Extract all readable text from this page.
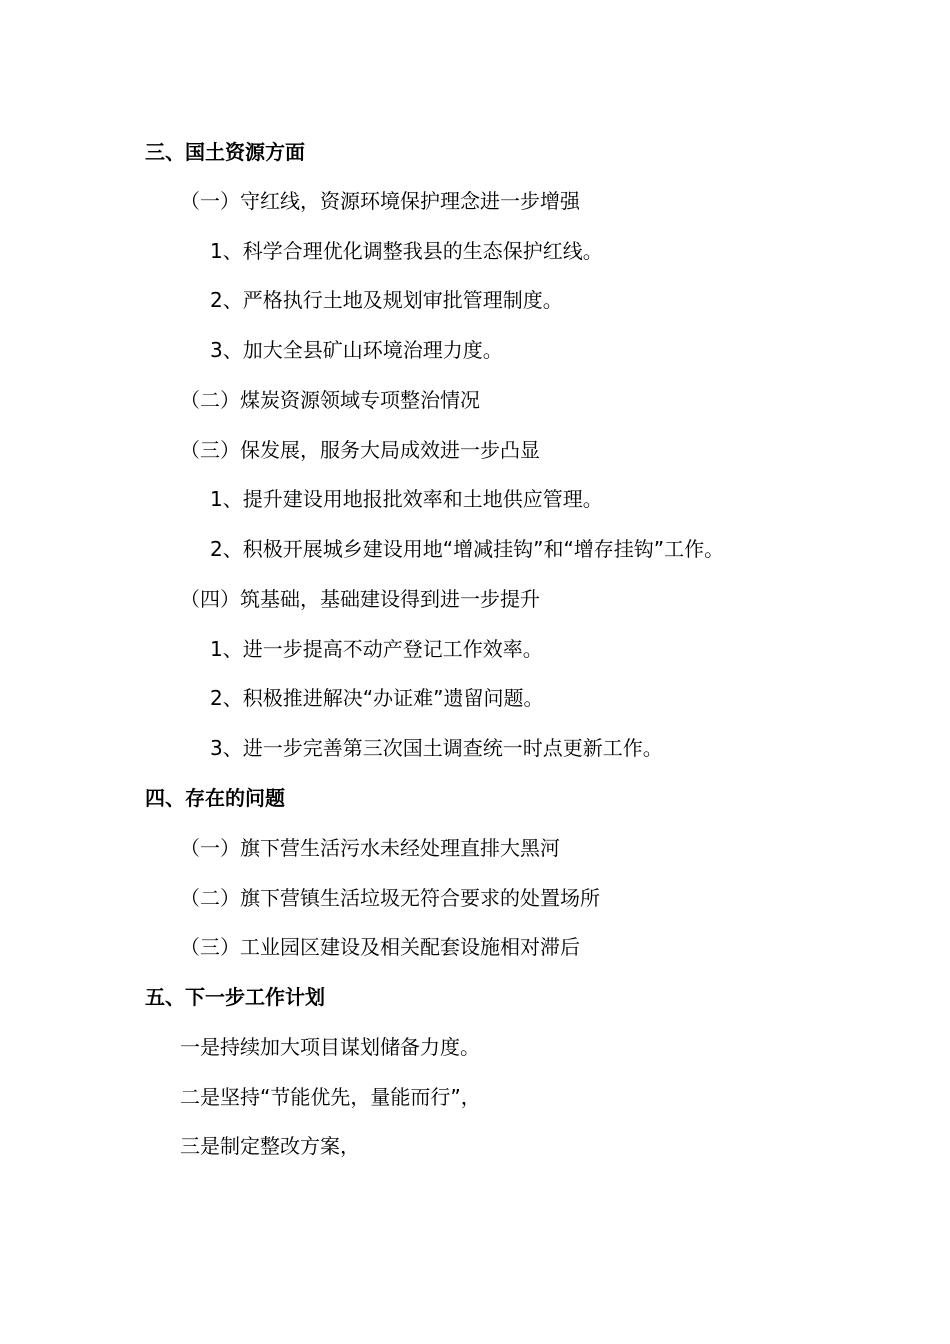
三、国土资源方面
（一）守红线，资源环境保护理念进一步增强
1、科学合理优化调整我县的生态保护红线。
2、严格执行土地及规划审批管理制度。
3、加大全县矿山环境治理力度。
（二）煤炭资源领域专项整治情况
（三）保发展，服务大局成效进一步凸显
1、提升建设用地报批效率和土地供应管理。
2、积极开展城乡建设用地“增减挂钩”和“增存挂钩”工作。
（四）筑基础，基础建设得到进一步提升
1、进一步提高不动产登记工作效率。
2、积极推进解决“办证难”遗留问题。
3、进一步完善第三次国土调查统一时点更新工作。
四、存在的问题
（一）旗下营生活污水未经处理直排大黑河
（二）旗下营镇生活垃圾无符合要求的处置场所
（三）工业园区建设及相关配套设施相对滞后
五、下一步工作计划
一是持续加大项目谋划储备力度。
二是坚持“节能优先，量能而行”，
三是制定整改方案，
